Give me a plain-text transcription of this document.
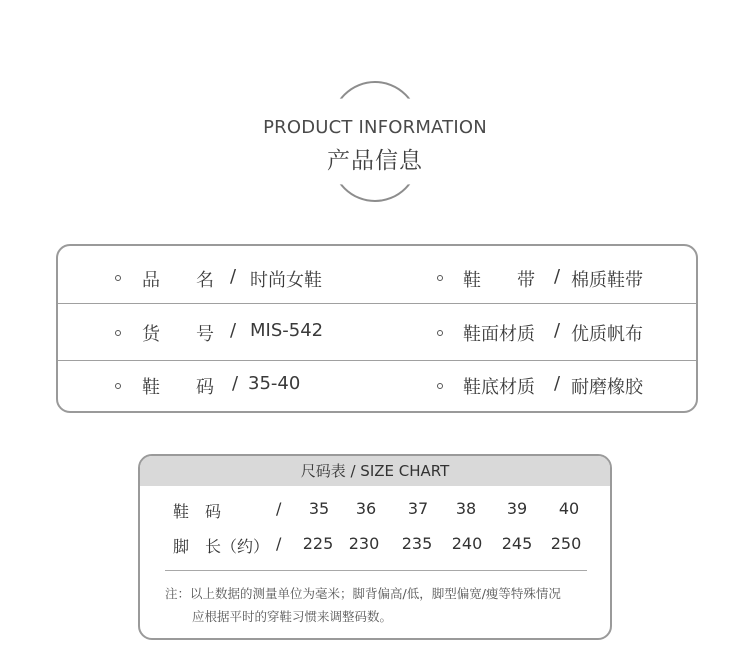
PRODUCT INFORMATION
产品信息
品　　名 / 时尚女鞋	鞋　　带 / 棉质鞋带
货　　号 / MIS-542	鞋面材质 / 优质帆布
鞋　　码 / 35-40	鞋底材质 / 耐磨橡胶
尺码表 / SIZE CHART
鞋　码	/	35	36	37	38	39	40
脚　长（约） / 225 230 235 240 245 250
注：以上数据的测量单位为毫米；脚背偏高/低，脚型偏宽/瘦等特殊情况
应根据平时的穿鞋习惯来调整码数。
